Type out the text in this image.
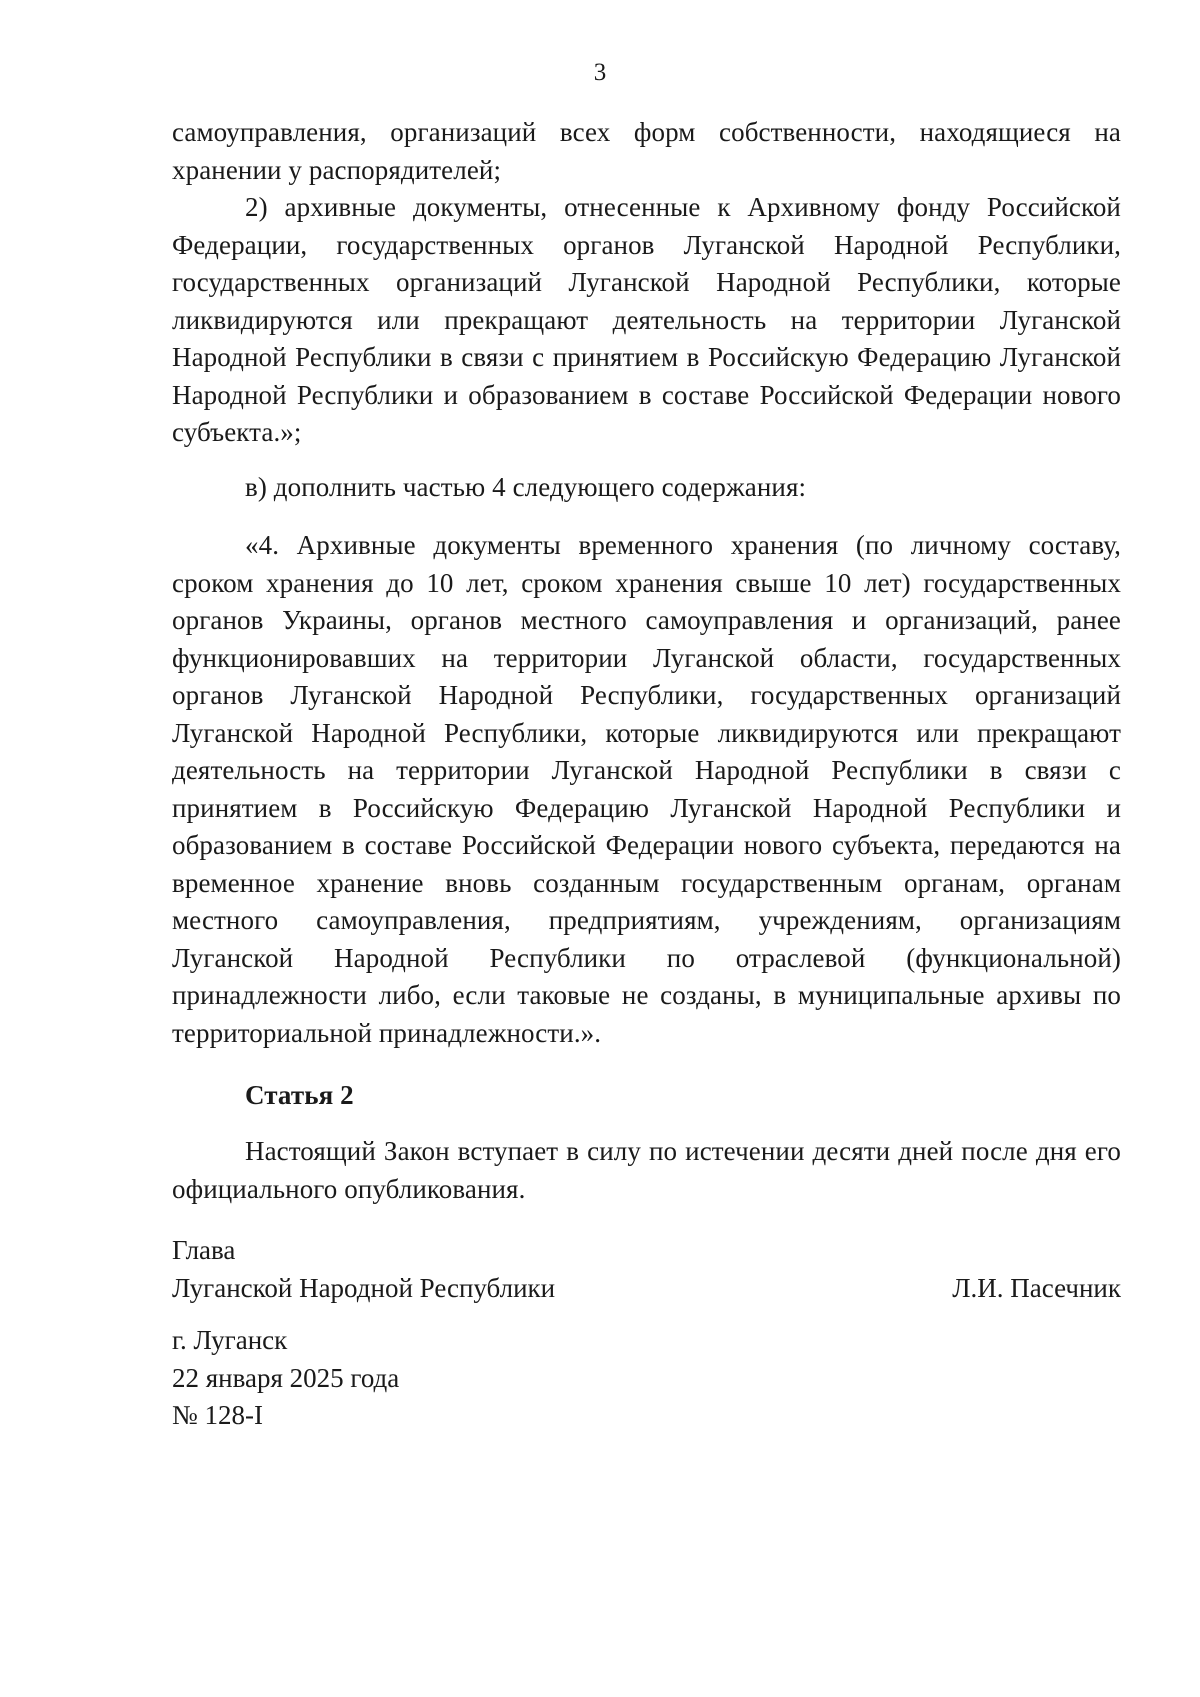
3

самоуправления, организаций всех форм собственности, находящиеся на хранении у распорядителей;

2) архивные документы, отнесенные к Архивному фонду Российской Федерации, государственных органов Луганской Народной Республики, государственных организаций Луганской Народной Республики, которые ликвидируются или прекращают деятельность на территории Луганской Народной Республики в связи с принятием в Российскую Федерацию Луганской Народной Республики и образованием в составе Российской Федерации нового субъекта.»;

в) дополнить частью 4 следующего содержания:

«4. Архивные документы временного хранения (по личному составу, сроком хранения до 10 лет, сроком хранения свыше 10 лет) государственных органов Украины, органов местного самоуправления и организаций, ранее функционировавших на территории Луганской области, государственных органов Луганской Народной Республики, государственных организаций Луганской Народной Республики, которые ликвидируются или прекращают деятельность на территории Луганской Народной Республики в связи с принятием в Российскую Федерацию Луганской Народной Республики и образованием в составе Российской Федерации нового субъекта, передаются на временное хранение вновь созданным государственным органам, органам местного самоуправления, предприятиям, учреждениям, организациям Луганской Народной Республики по отраслевой (функциональной) принадлежности либо, если таковые не созданы, в муниципальные архивы по территориальной принадлежности.».

Статья 2

Настоящий Закон вступает в силу по истечении десяти дней после дня его официального опубликования.

Глава
Луганской Народной Республики	Л.И. Пасечник
г. Луганск
22 января 2025 года
№ 128-I
